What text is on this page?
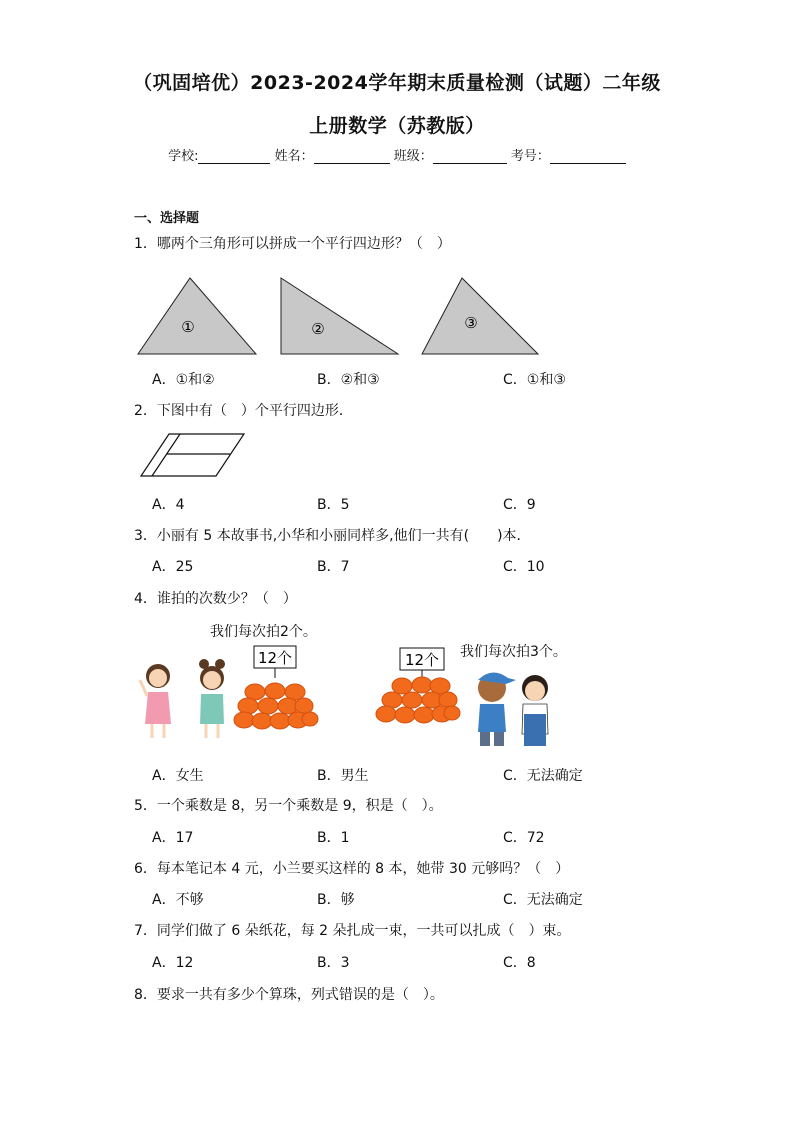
（巩固培优）2023-2024学年期末质量检测（试题）二年级
上册数学（苏教版）
学校:	姓名：	班级：	考号：
一、选择题
1．哪两个三角形可以拼成一个平行四边形？（　）
①	②	③
A．①和②	B．②和③	C．①和③
2．下图中有（　）个平行四边形．
A．4	B．5	C．9
3．小丽有 5 本故事书,小华和小丽同样多,他们一共有(　　)本．
A．25	B．7	C．10
4．谁拍的次数少？（　）
我们每次拍2个。
我们每次拍3个。
12个	12个
A．女生	B．男生	C．无法确定
5．一个乘数是 8，另一个乘数是 9，积是（　）。
A．17	B．1	C．72
6．每本笔记本 4 元，小兰要买这样的 8 本，她带 30 元够吗？（　）
A．不够	B．够	C．无法确定
7．同学们做了 6 朵纸花，每 2 朵扎成一束，一共可以扎成（　）束。
A．12	B．3	C．8
8．要求一共有多少个算珠，列式错误的是（　）。
